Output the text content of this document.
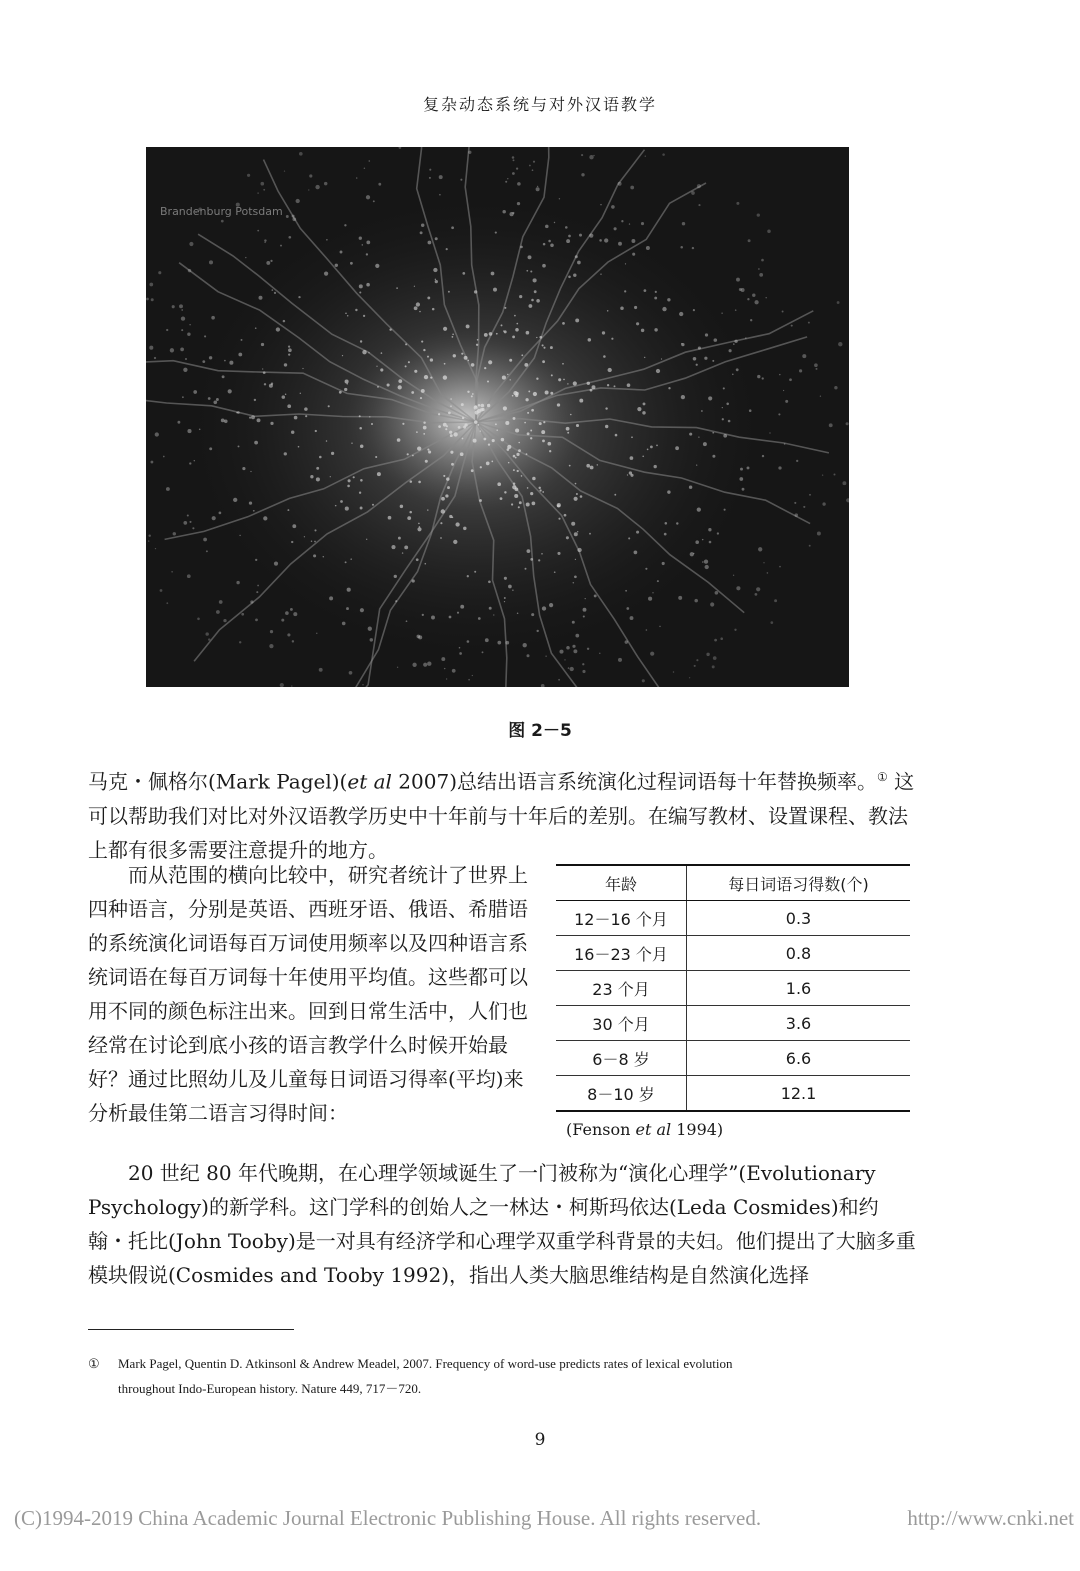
复杂动态系统与对外汉语教学
Brandenburg Potsdam
图 2－5

马克・佩格尔(Mark Pagel)(et al 2007)总结出语言系统演化过程词语每十年替换频率。① 这可以帮助我们对比对外汉语教学历史中十年前与十年后的差别。在编写教材、设置课程、教法上都有很多需要注意提升的地方。

而从范围的横向比较中，研究者统计了世界上四种语言，分别是英语、西班牙语、俄语、希腊语的系统演化词语每百万词使用频率以及四种语言系统词语在每百万词每十年使用平均值。这些都可以用不同的颜色标注出来。回到日常生活中，人们也经常在讨论到底小孩的语言教学什么时候开始最好？通过比照幼儿及儿童每日词语习得率(平均)来分析最佳第二语言习得时间：

年龄	每日词语习得数(个)
12－16 个月	0.3
16－23 个月	0.8
23 个月	1.6
30 个月	3.6
6－8 岁	6.6
8－10 岁	12.1
(Fenson et al 1994)

20 世纪 80 年代晚期，在心理学领域诞生了一门被称为“演化心理学”(Evolutionary Psychology)的新学科。这门学科的创始人之一林达・柯斯玛依达(Leda Cosmides)和约翰・托比(John Tooby)是一对具有经济学和心理学双重学科背景的夫妇。他们提出了大脑多重模块假说(Cosmides and Tooby 1992)，指出人类大脑思维结构是自然演化选择

① Mark Pagel, Quentin D. Atkinsonl & Andrew Meadel, 2007. Frequency of word-use predicts rates of lexical evolution
throughout Indo-European history. Nature 449, 717－720.
9
(C)1994-2019 China Academic Journal Electronic Publishing House. All rights reserved.	http://www.cnki.net
